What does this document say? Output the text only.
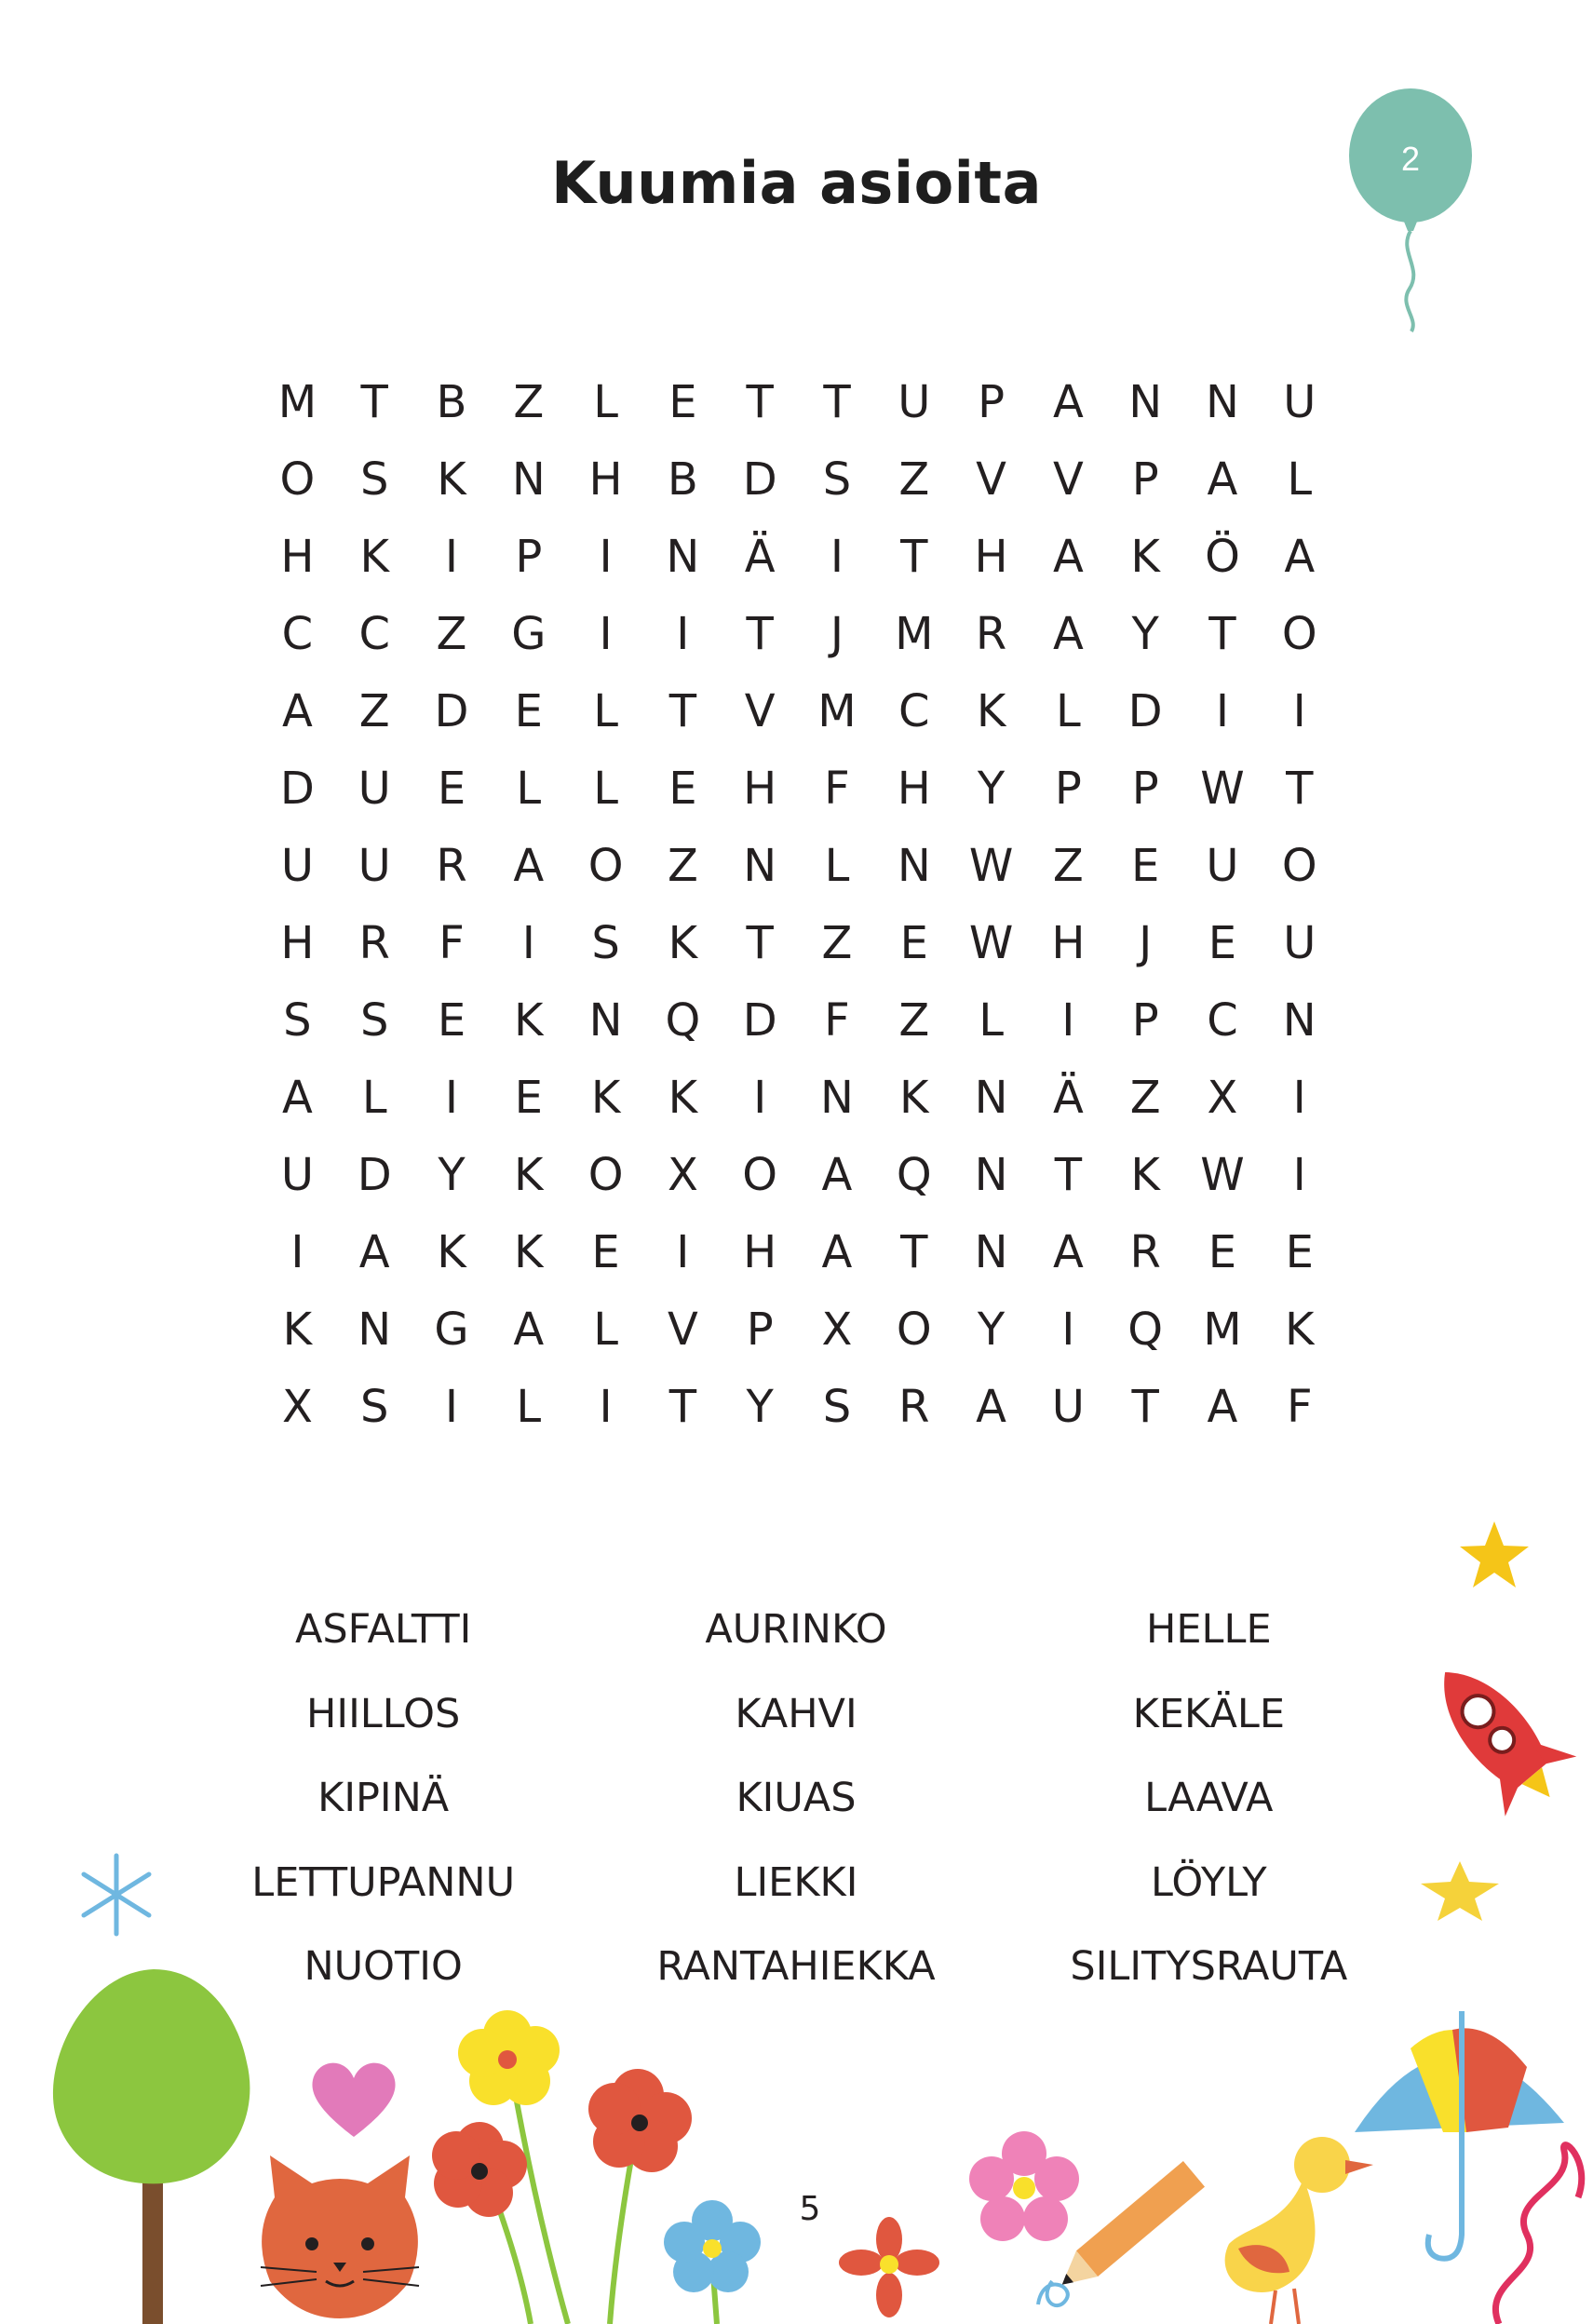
Kuumia asioita	2
M T	B	Z	L	E	T	T	U	P	A	N N U
O	S	K	N H	B D	S	Z	V	V	P	A	L
H	K	I	P	I	N	Ä	I	T	H	A	K	Ö A
C	C	Z G	I	I	T	J	M R	A	Y	T	O
A	Z D	E	L	T	V M C	K	L	D	I	I
D U	E	L	L	E	H	F	H	Y	P	P W T
U U	R	A O Z	N	L	N W Z	E	U O
H	R	F	I	S	K	T	Z	E W H	J	E	U
S	S	E	K	N Q D	F	Z	L	I	P	C	N
A	L	I	E	K	K	I	N	K	N	Ä	Z	X	I
U D	Y	K	O X O A Q N	T	K W	I
I	A	K	K	E	I	H	A	T	N	A	R	E	E
K	N G A	L	V	P	X O	Y	I	Q M K
X	S	I	L	I	T	Y	S	R	A	U	T	A	F
ASFALTTI	AURINKO	HELLE
HIILLOS	KAHVI	KEKÄLE
KIPINÄ	KIUAS	LAAVA
LETTUPANNU	LIEKKI	LÖYLY
NUOTIO	RANTAHIEKKA	SILITYSRAUTA
5
